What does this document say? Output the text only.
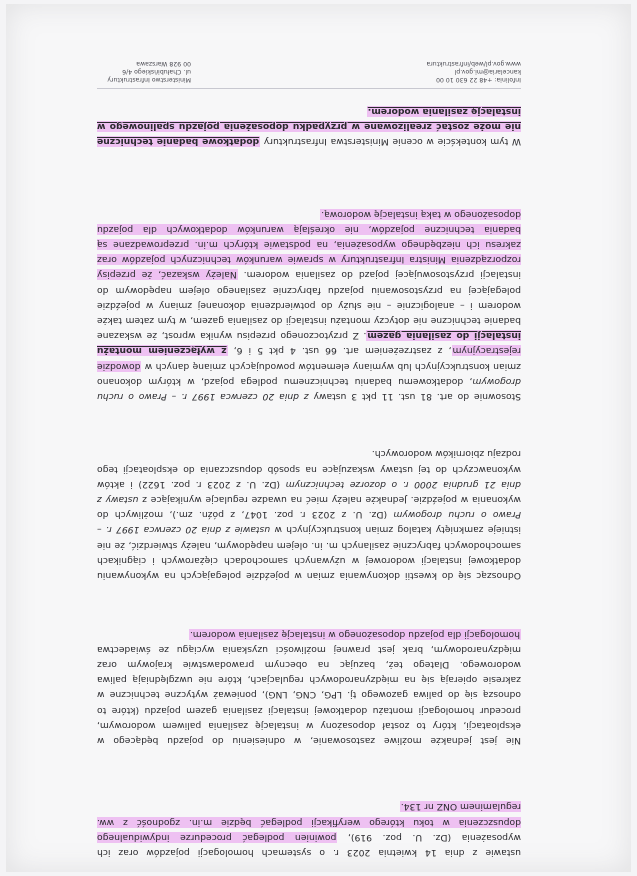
ustawie z dnia 14 kwietnia 2023 r. o systemach homologacji pojazdów oraz ich wyposażenia (Dz. U. poz. 919), powinien podlegać procedurze indywidualnego dopuszczenia w toku którego weryfikacji podlegać będzie m.in. zgodność z ww. regulaminem ONZ nr 134.
Nie jest jednakże możliwe zastosowanie, w odniesieniu do pojazdu będącego w eksploatacji, który to został doposażony w instalację zasilania paliwem wodorowym, procedur homologacji montażu dodatkowej instalacji zasilania gazem pojazdu (które to odnoszą się do paliwa gazowego tj. LPG, CNG, LNG), ponieważ wytyczne techniczne w zakresie opierają się na międzynarodowych regulacjach, które nie uwzględniają paliwa wodorowego. Dlatego też, bazując na obecnym prawodawstwie krajowym oraz międzynarodowym, brak jest prawnej możliwości uzyskania wyciągu ze świadectwa homologacji dla pojazdu doposażonego w instalację zasilania wodorem.
Odnosząc się do kwestii dokonywania zmian w pojeździe polegających na wykonywaniu dodatkowej instalacji wodorowej w używanych samochodach ciężarowych i ciągnikach samochodowych fabrycznie zasilanych m. in. olejem napędowym, należy stwierdzić, że nie istnieje zamknięty katalog zmian konstrukcyjnych w ustawie z dnia 20 czerwca 1997 r. – Prawo o ruchu drogowym (Dz. U. z 2023 r. poz. 1047, z późn. zm.), możliwych do wykonania w pojeździe. Jednakże należy mieć na uwadze regulacje wynikające z ustawy z dnia 21 grudnia 2000 r. o dozorze technicznym (Dz. U. z 2023 r. poz. 1622) i aktów wykonawczych do tej ustawy wskazujące na sposób dopuszczania do eksploatacji tego rodzaju zbiorników wodorowych.
Stosownie do art. 81 ust. 11 pkt 3 ustawy z dnia 20 czerwca 1997 r. – Prawo o ruchu drogowym, dodatkowemu badaniu technicznemu podlega pojazd, w którym dokonano zmian konstrukcyjnych lub wymiany elementów powodujących zmianę danych w dowodzie rejestracyjnym, z zastrzeżeniem art. 66 ust. 4 pkt 5 i 6, z wyłączeniem montażu instalacji do zasilania gazem. Z przytoczonego przepisu wynika wprost, że wskazane badanie techniczne nie dotyczy montażu instalacji do zasilania gazem, w tym zatem także wodorem i – analogicznie – nie służy do potwierdzenia dokonanej zmiany w pojeździe polegającej na przystosowaniu pojazdu fabrycznie zasilanego olejem napędowym do instalacji przystosowującej pojazd do zasilania wodorem. Należy wskazać, że przepisy rozporządzenia Ministra Infrastruktury w sprawie warunków technicznych pojazdów oraz zakresu ich niezbędnego wyposażenia, na podstawie których m.in. przeprowadzane są badania techniczne pojazdów, nie określają warunków dodatkowych dla pojazdu doposażonego w taką instalację wodorową.
W tym kontekście w ocenie Ministerstwa Infrastruktury dodatkowe badanie techniczne nie może zostać zrealizowane w przypadku doposażenia pojazdu spalinowego w instalację zasilania wodorem.
Infolinia: +48 22 630 10 00
kancelaria@mi.gov.pl
www.gov.pl/web/infrastruktura
Ministerstwo Infrastruktury
ul. Chałubińskiego 4/6
00 928 Warszawa
